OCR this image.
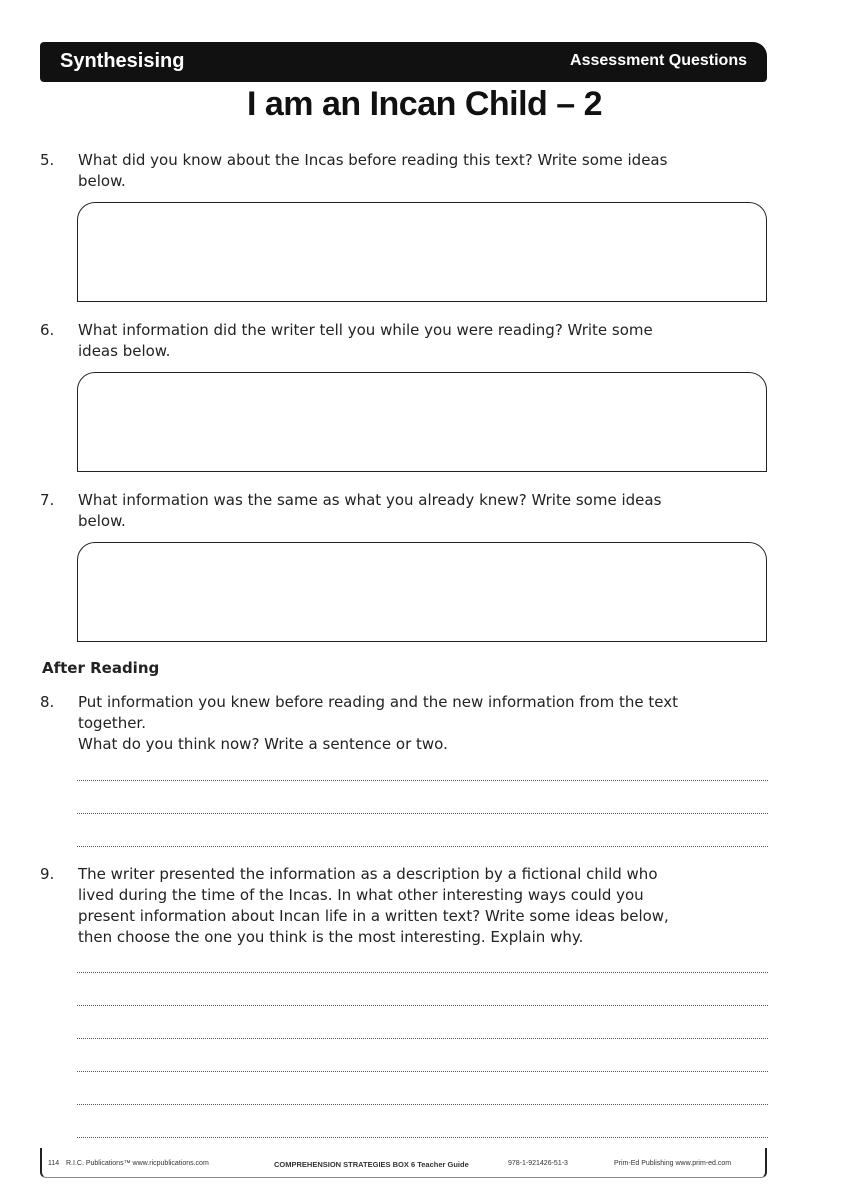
Synthesising	Assessment Questions
I am an Incan Child – 2
5. What did you know about the Incas before reading this text? Write some ideas
below.
6. What information did the writer tell you while you were reading? Write some
ideas below.
7. What information was the same as what you already knew? Write some ideas
below.
After Reading
8. Put information you knew before reading and the new information from the text
together.
What do you think now? Write a sentence or two.
9. The writer presented the information as a description by a fictional child who
lived during the time of the Incas. In what other interesting ways could you
present information about Incan life in a written text? Write some ideas below,
then choose the one you think is the most interesting. Explain why.
114 R.I.C. Publications™ www.ricpublications.com	COMPREHENSION STRATEGIES BOX 6 Teacher Guide	978-1-921426-51-3	Prim-Ed Publishing www.prim-ed.com
